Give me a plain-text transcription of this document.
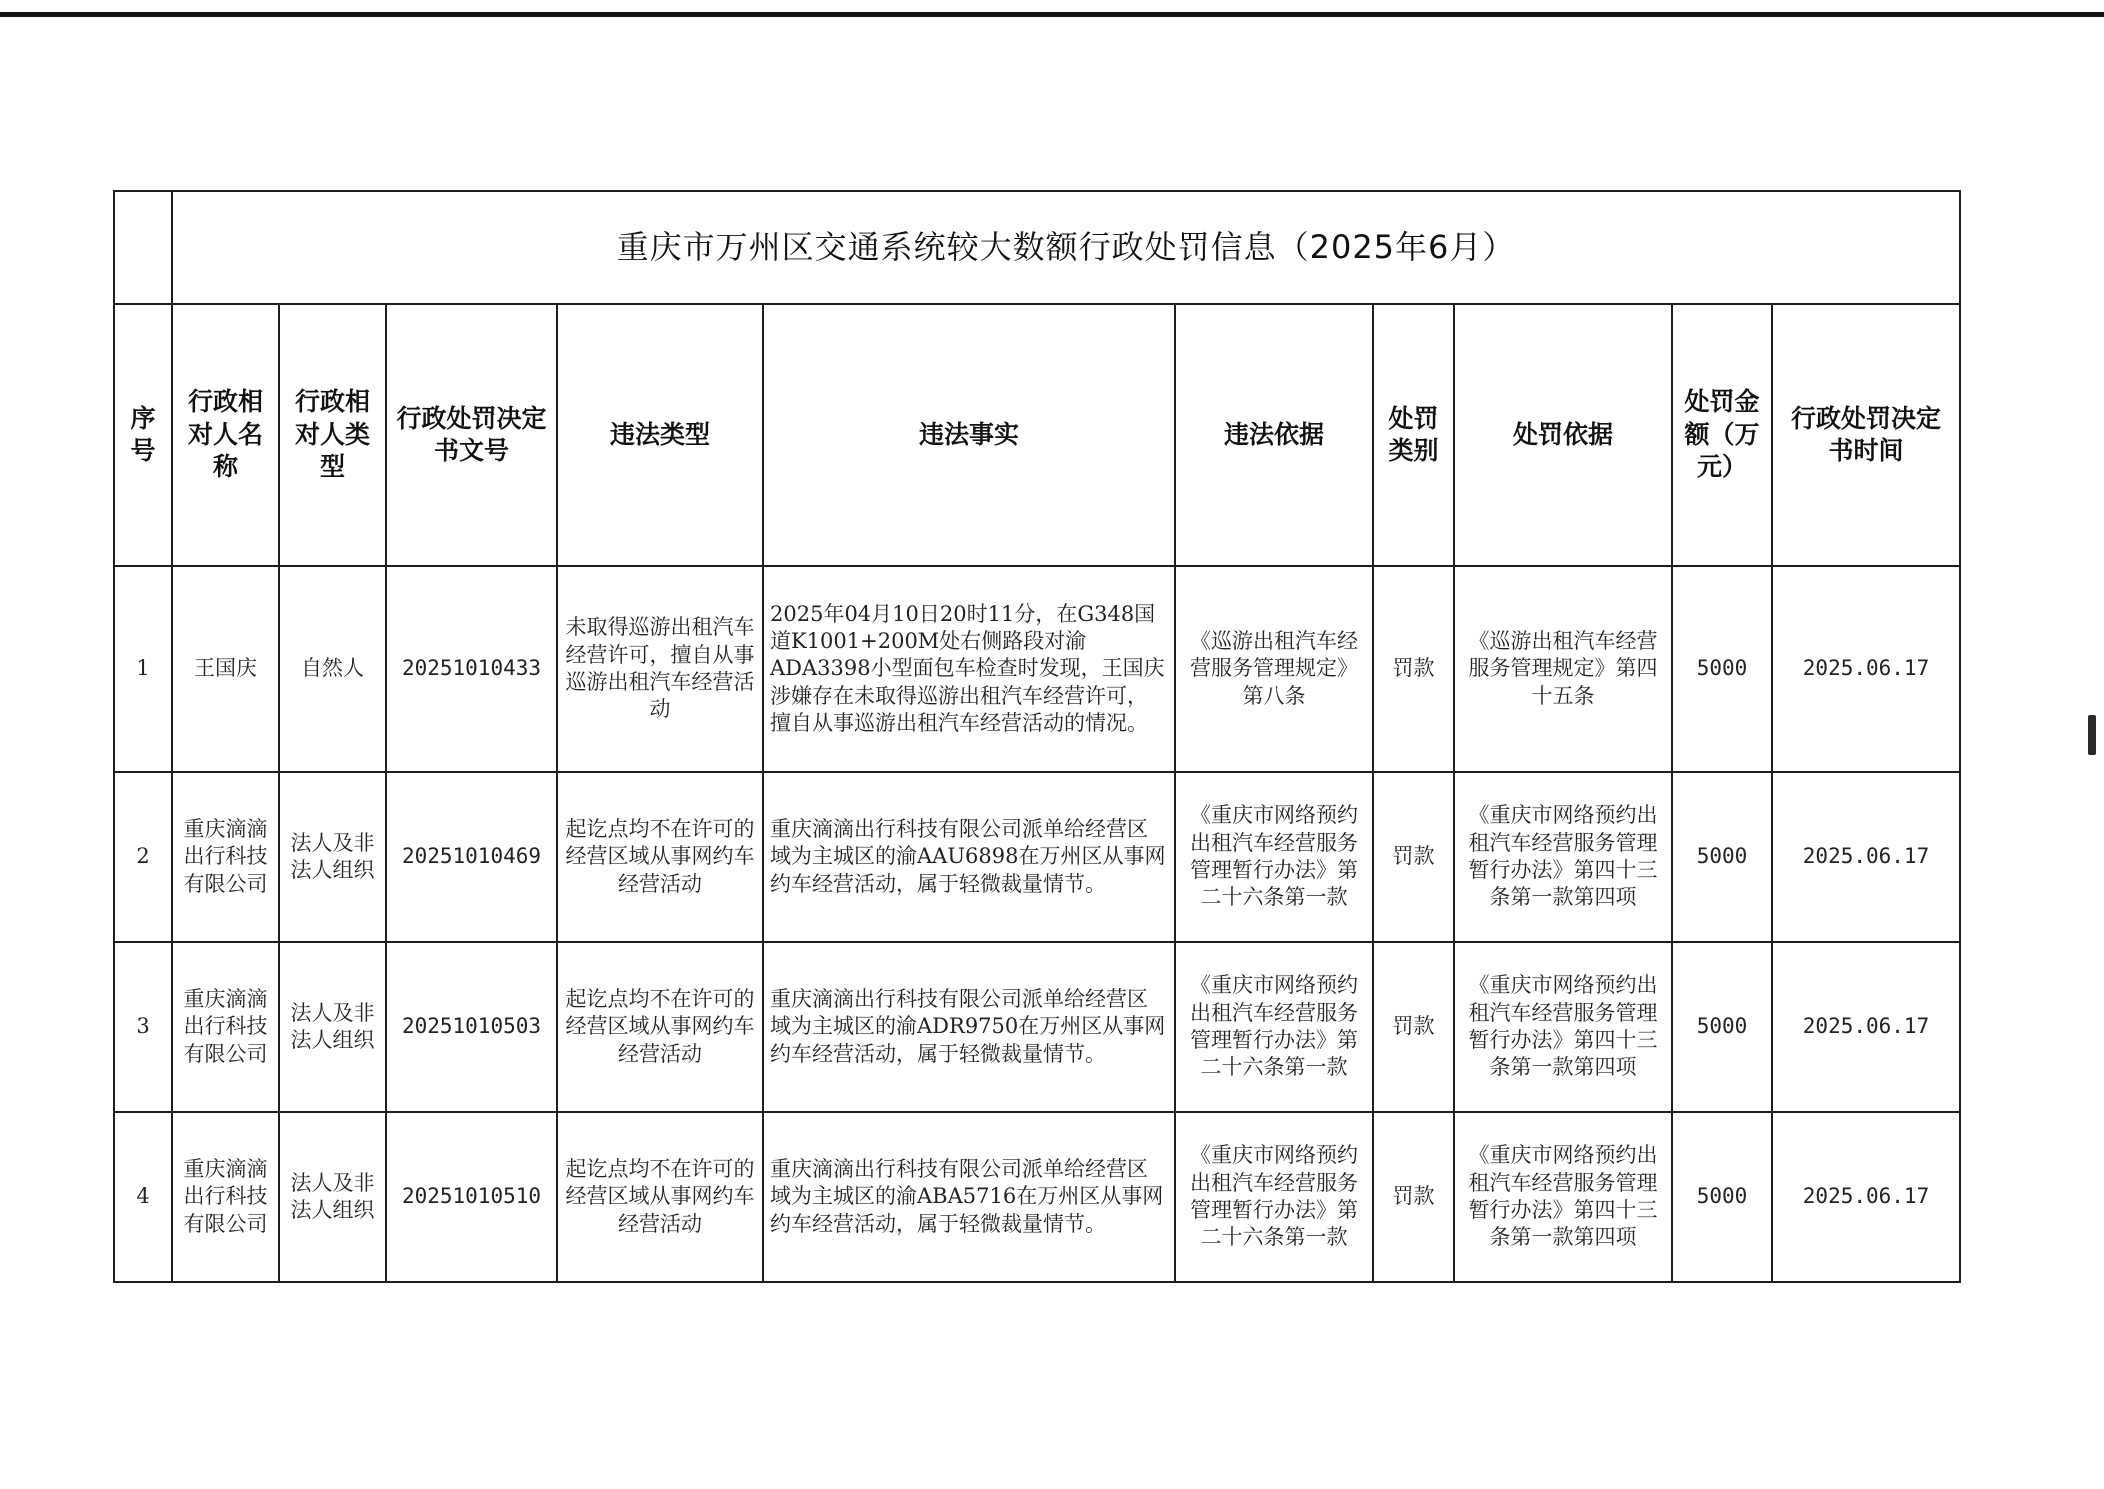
	重庆市万州区交通系统较大数额行政处罚信息（2025年6月）									
序号	行政相对人名称	行政相对人类型	行政处罚决定书文号	违法类型	违法事实	违法依据	处罚类别	处罚依据	处罚金额（万元）	行政处罚决定书时间
1	王国庆	自然人	20251010433	未取得巡游出租汽车经营许可，擅自从事巡游出租汽车经营活动	2025年04月10日20时11分，在G348国道K1001+200M处右侧路段对渝ADA3398小型面包车检查时发现，王国庆涉嫌存在未取得巡游出租汽车经营许可，擅自从事巡游出租汽车经营活动的情况。	《巡游出租汽车经营服务管理规定》第八条	罚款	《巡游出租汽车经营服务管理规定》第四十五条	5000	2025.06.17
2	重庆滴滴出行科技有限公司	法人及非法人组织	20251010469	起讫点均不在许可的经营区域从事网约车经营活动	重庆滴滴出行科技有限公司派单给经营区域为主城区的渝AAU6898在万州区从事网约车经营活动，属于轻微裁量情节。	《重庆市网络预约出租汽车经营服务管理暂行办法》第二十六条第一款	罚款	《重庆市网络预约出租汽车经营服务管理暂行办法》第四十三条第一款第四项	5000	2025.06.17
3	重庆滴滴出行科技有限公司	法人及非法人组织	20251010503	起讫点均不在许可的经营区域从事网约车经营活动	重庆滴滴出行科技有限公司派单给经营区域为主城区的渝ADR9750在万州区从事网约车经营活动，属于轻微裁量情节。	《重庆市网络预约出租汽车经营服务管理暂行办法》第二十六条第一款	罚款	《重庆市网络预约出租汽车经营服务管理暂行办法》第四十三条第一款第四项	5000	2025.06.17
4	重庆滴滴出行科技有限公司	法人及非法人组织	20251010510	起讫点均不在许可的经营区域从事网约车经营活动	重庆滴滴出行科技有限公司派单给经营区域为主城区的渝ABA5716在万州区从事网约车经营活动，属于轻微裁量情节。	《重庆市网络预约出租汽车经营服务管理暂行办法》第二十六条第一款	罚款	《重庆市网络预约出租汽车经营服务管理暂行办法》第四十三条第一款第四项	5000	2025.06.17
